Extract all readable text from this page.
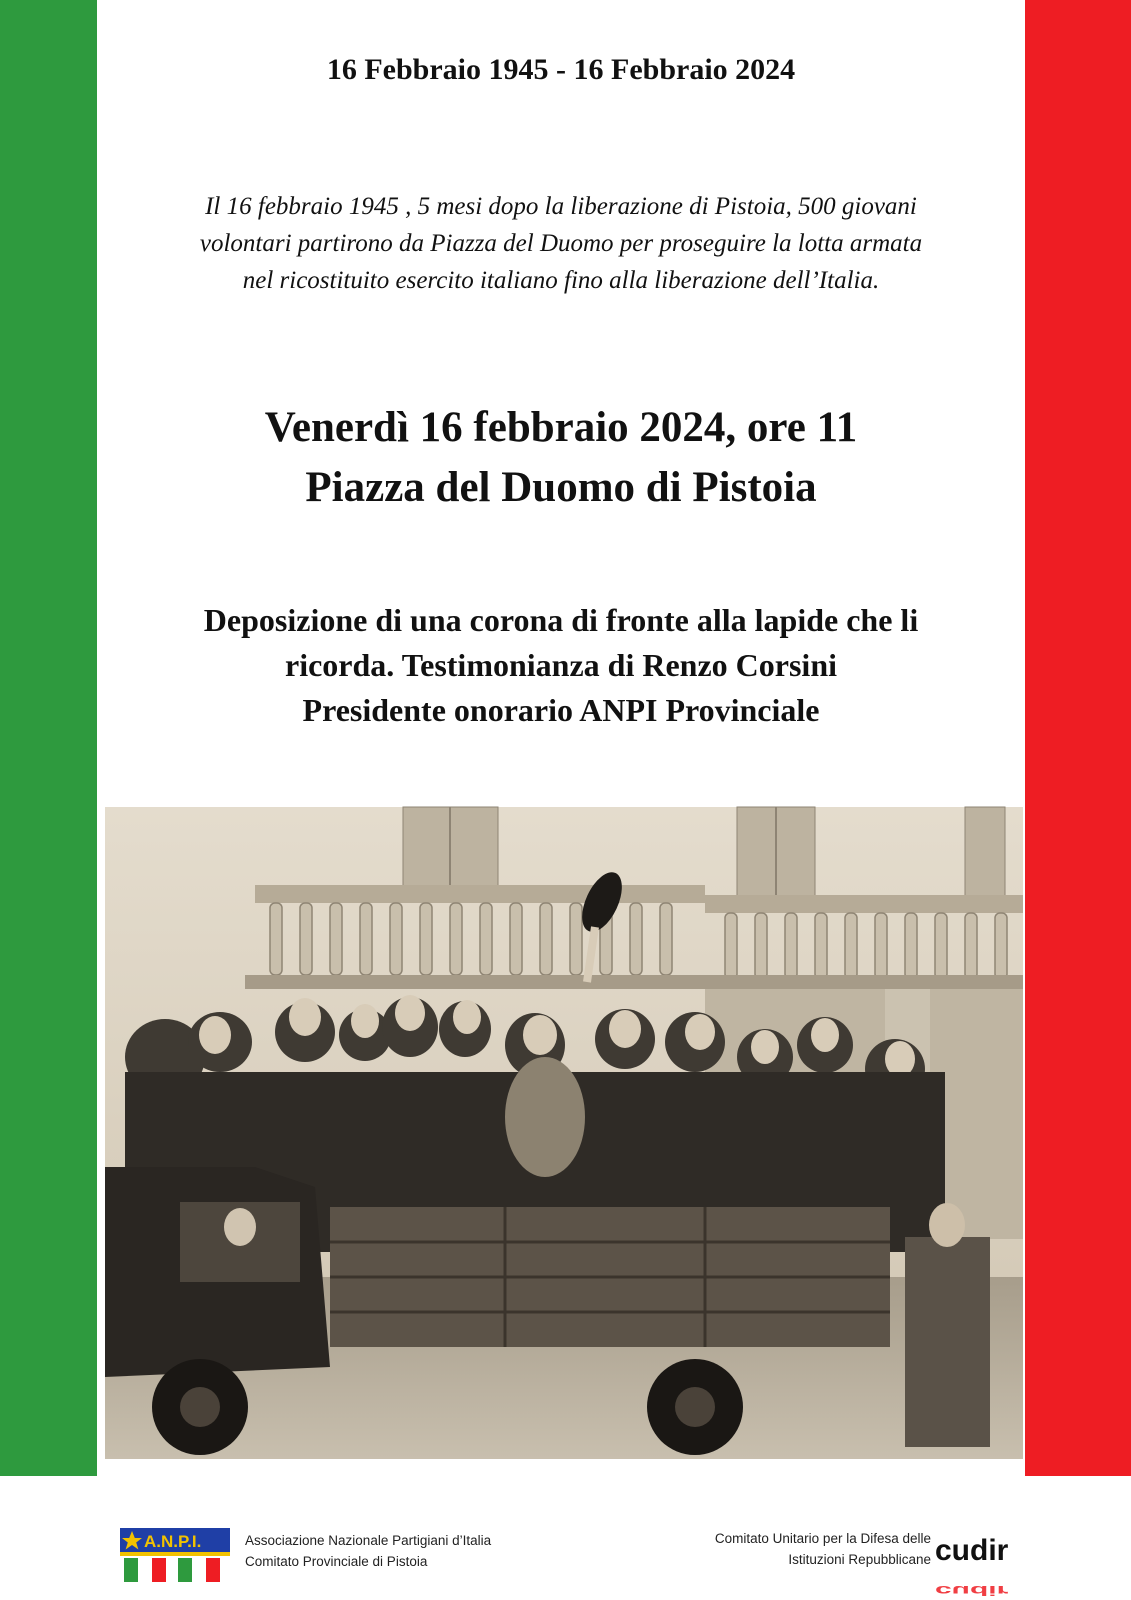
16 Febbraio 1945 - 16 Febbraio 2024
Il 16 febbraio 1945 , 5 mesi dopo la liberazione di Pistoia, 500 giovani
volontari partirono da Piazza del Duomo per proseguire la lotta armata
nel ricostituito esercito italiano fino alla liberazione dell’Italia.
Venerdì 16 febbraio 2024, ore 11
Piazza del Duomo di Pistoia
Deposizione di una corona di fronte alla lapide che li
ricorda. Testimonianza di Renzo Corsini
Presidente onorario ANPI Provinciale
A.N.P.I.	Associazione Nazionale Partigiani d’Italia
Comitato Provinciale di Pistoia
Comitato Unitario per la Difesa delle
Istituzioni Repubblicane cudir
cudir
